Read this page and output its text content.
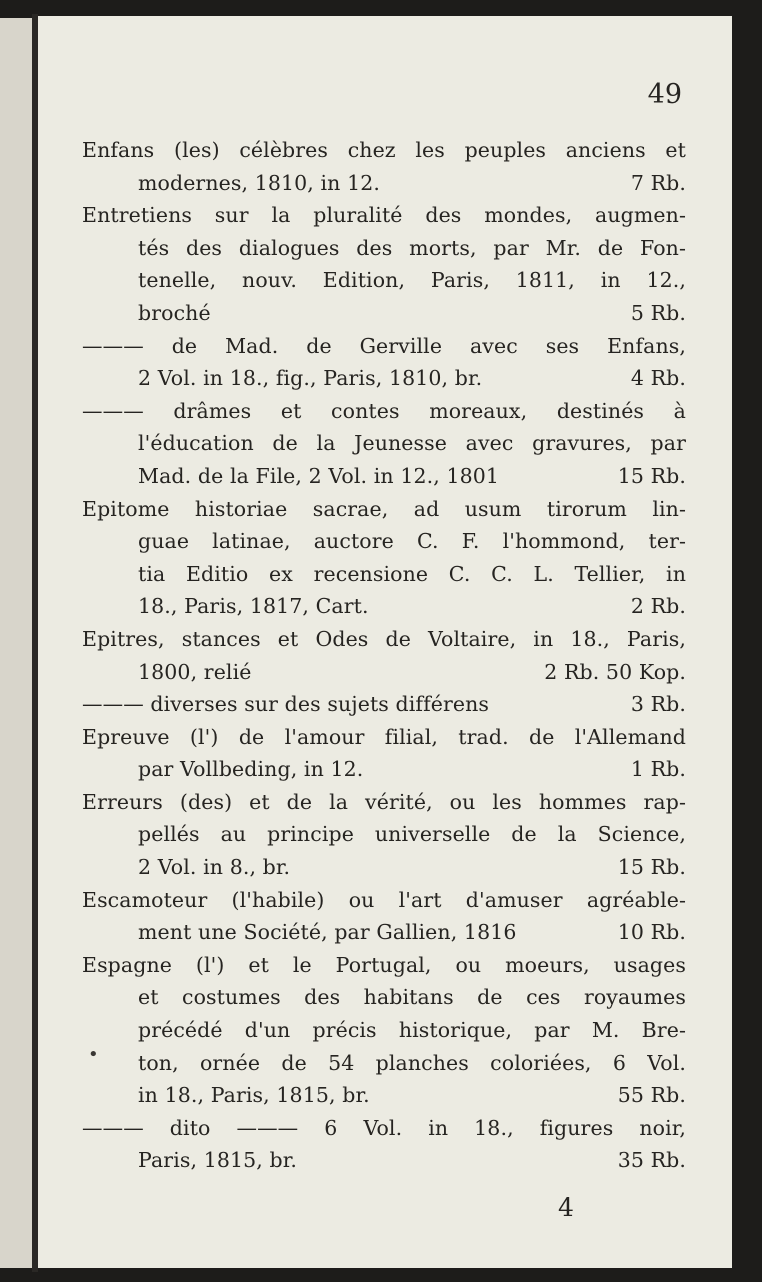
49
Enfans (les) célèbres chez les peuples anciens et
modernes, 1810, in 12.	7 Rb.
Entretiens sur la pluralité des mondes, augmen-
tés des dialogues des morts, par Mr. de Fon-
tenelle, nouv. Edition, Paris, 1811, in 12.,
broché	5 Rb.
——— de Mad. de Gerville avec ses Enfans,
2 Vol. in 18., fig., Paris, 1810, br.	4 Rb.
——— drâmes et contes moreaux, destinés à
l'éducation de la Jeunesse avec gravures, par
Mad. de la File, 2 Vol. in 12., 1801	15 Rb.
Epitome historiae sacrae, ad usum tirorum lin-
guae latinae, auctore C. F. l'hommond, ter-
tia Editio ex recensione C. C. L. Tellier, in
18., Paris, 1817, Cart.	2 Rb.
Epitres, stances et Odes de Voltaire, in 18., Paris,
1800, relié	2 Rb. 50 Kop.
——— diverses sur des sujets différens	3 Rb.
Epreuve (l') de l'amour filial, trad. de l'Allemand
par Vollbeding, in 12.	1 Rb.
Erreurs (des) et de la vérité, ou les hommes rap-
pellés au principe universelle de la Science,
2 Vol. in 8., br.	15 Rb.
Escamoteur (l'habile) ou l'art d'amuser agréable-
ment une Société, par Gallien, 1816	10 Rb.
Espagne (l') et le Portugal, ou moeurs, usages
et costumes des habitans de ces royaumes
précédé d'un précis historique, par M. Bre-
ton, ornée de 54 planches coloriées, 6 Vol.
in 18., Paris, 1815, br.	55 Rb.
——— dito ——— 6 Vol. in 18., figures noir,
Paris, 1815, br.	35 Rb.
•
4
